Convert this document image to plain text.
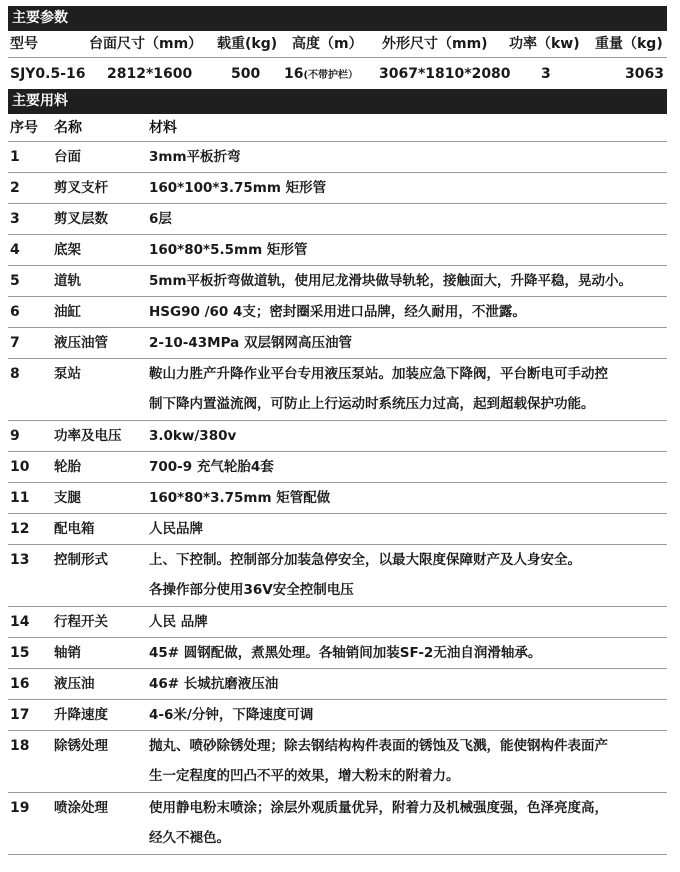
主要参数
型号	台面尺寸（mm） 载重(kg) 高度（m） 外形尺寸（mm) 功率（kw) 重量（kg)
SJY0.5-16 2812*1600	500 16(不带护栏） 3067*1810*2080 3	3063
主要用料
序号 名称	材料
1	台面	3mm平板折弯
2	剪叉支杆	160*100*3.75mm 矩形管
3	剪叉层数	6层
4	底架	160*80*5.5mm 矩形管
5	道轨	5mm平板折弯做道轨，使用尼龙滑块做导轨轮，接触面大，升降平稳，晃动小。
6	油缸	HSG90 /60 4支；密封圈采用进口品牌，经久耐用，不泄露。
7	液压油管	2-10-43MPa 双层钢网高压油管
8	泵站	鞍山力胜产升降作业平台专用液压泵站。加装应急下降阀，平台断电可手动控
制下降内置溢流阀，可防止上行运动时系统压力过高，起到超载保护功能。
9	功率及电压 3.0kw/380v
10 轮胎	700-9 充气轮胎4套
11 支腿	160*80*3.75mm 矩管配做
12 配电箱	人民品牌
13 控制形式	上、下控制。控制部分加装急停安全，以最大限度保障财产及人身安全。
各操作部分使用36V安全控制电压
14 行程开关	人民 品牌
15 轴销	45# 圆钢配做，煮黑处理。各轴销间加装SF-2无油自润滑轴承。
16 液压油	46# 长城抗磨液压油
17 升降速度	4-6米/分钟，下降速度可调
18 除锈处理	抛丸、喷砂除锈处理；除去钢结构构件表面的锈蚀及飞溅，能使钢构件表面产
生一定程度的凹凸不平的效果，增大粉末的附着力。
19 喷涂处理	使用静电粉末喷涂；涂层外观质量优异，附着力及机械强度强，色泽亮度高，
经久不褪色。
